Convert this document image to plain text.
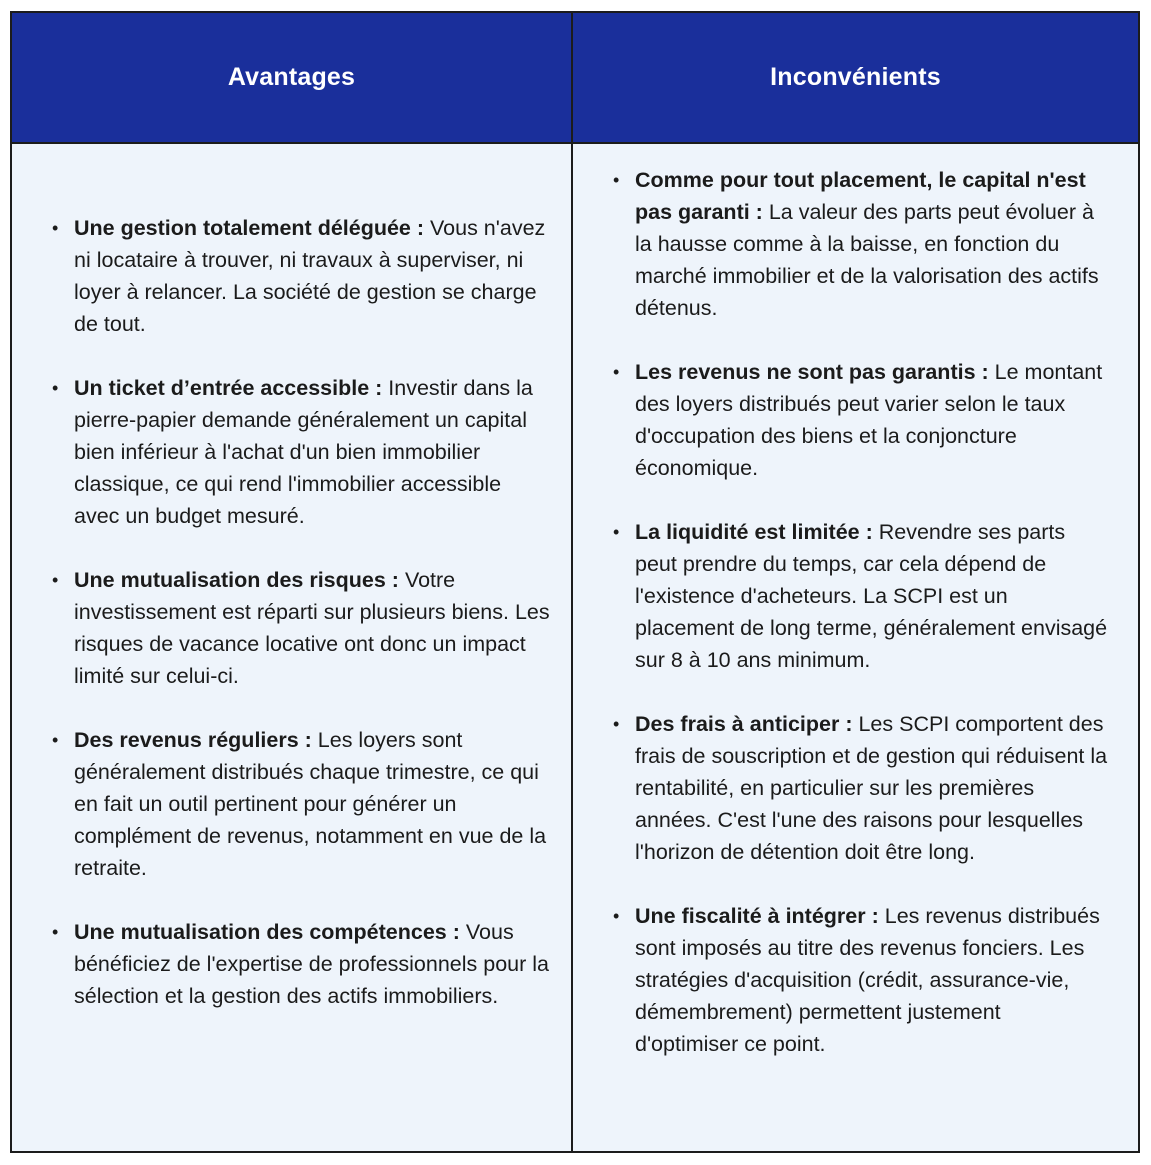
Avantages	Inconvénients
• Une gestion totalement déléguée : Vous n'avez ni locataire à trouver, ni travaux à superviser, ni loyer à relancer. La société de gestion se charge de tout.
• Un ticket d’entrée accessible : Investir dans la pierre-papier demande généralement un capital bien inférieur à l'achat d'un bien immobilier classique, ce qui rend l'immobilier accessible avec un budget mesuré.
• Une mutualisation des risques : Votre investissement est réparti sur plusieurs biens. Les risques de vacance locative ont donc un impact limité sur celui-ci.
• Des revenus réguliers : Les loyers sont généralement distribués chaque trimestre, ce qui en fait un outil pertinent pour générer un complément de revenus, notamment en vue de la retraite.
• Une mutualisation des compétences : Vous bénéficiez de l'expertise de professionnels pour la sélection et la gestion des actifs immobiliers.
• Comme pour tout placement, le capital n'est pas garanti : La valeur des parts peut évoluer à la hausse comme à la baisse, en fonction du marché immobilier et de la valorisation des actifs détenus.
• Les revenus ne sont pas garantis : Le montant des loyers distribués peut varier selon le taux d'occupation des biens et la conjoncture économique.
• La liquidité est limitée : Revendre ses parts peut prendre du temps, car cela dépend de l'existence d'acheteurs. La SCPI est un placement de long terme, généralement envisagé sur 8 à 10 ans minimum.
• Des frais à anticiper : Les SCPI comportent des frais de souscription et de gestion qui réduisent la rentabilité, en particulier sur les premières années. C'est l'une des raisons pour lesquelles l'horizon de détention doit être long.
• Une fiscalité à intégrer : Les revenus distribués sont imposés au titre des revenus fonciers. Les stratégies d'acquisition (crédit, assurance-vie, démembrement) permettent justement d'optimiser ce point.
